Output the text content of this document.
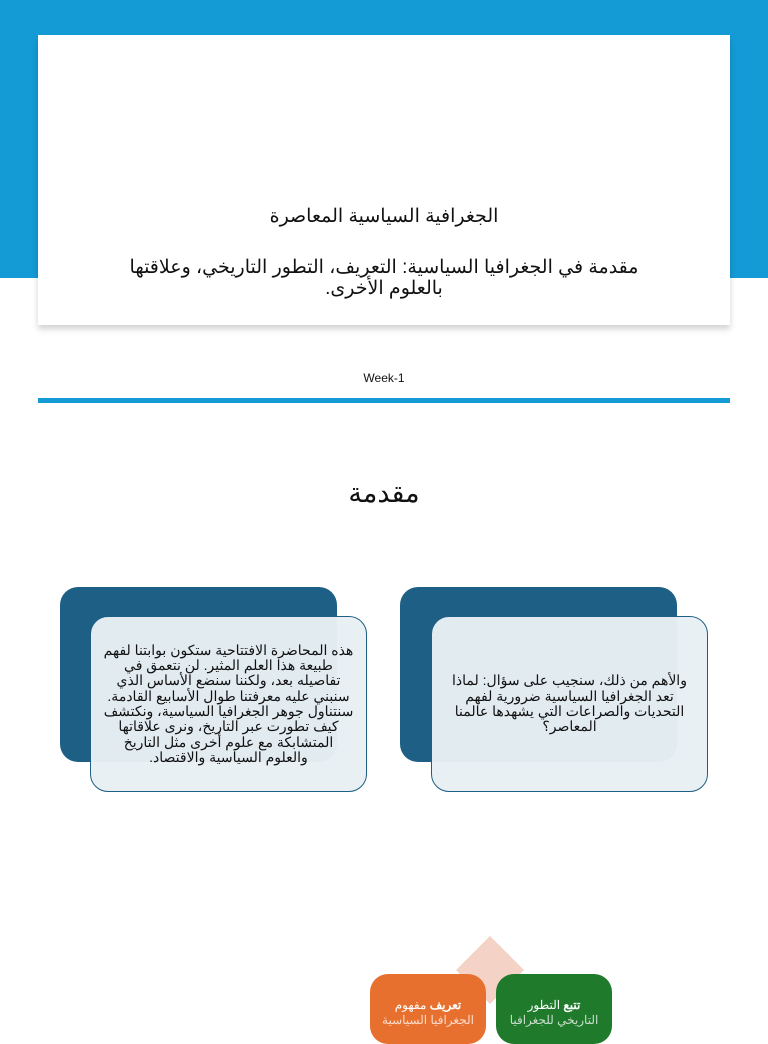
الجغرافية السياسية المعاصرة

مقدمة في الجغرافيا السياسية: التعريف، التطور التاريخي، وعلاقتها بالعلوم الأخرى.

Week-1
مقدمة

والأهم من ذلك، سنجيب على سؤال: لماذا تعد الجغرافيا السياسية ضرورية لفهم التحديات والصراعات التي يشهدها عالمنا المعاصر؟

هذه المحاضرة الافتتاحية ستكون بوابتنا لفهم طبيعة هذا العلم المثير. لن نتعمق في تفاصيله بعد، ولكننا سنضع الأساس الذي سنبني عليه معرفتنا طوال الأسابيع القادمة. سنتناول جوهر الجغرافيا السياسية، ونكتشف كيف تطورت عبر التاريخ، ونرى علاقاتها المتشابكة مع علوم أخرى مثل التاريخ والعلوم السياسية والاقتصاد.

تعريف مفهوم
الجغرافيا السياسية
تتبع التطور
التاريخي للجغرافيا
